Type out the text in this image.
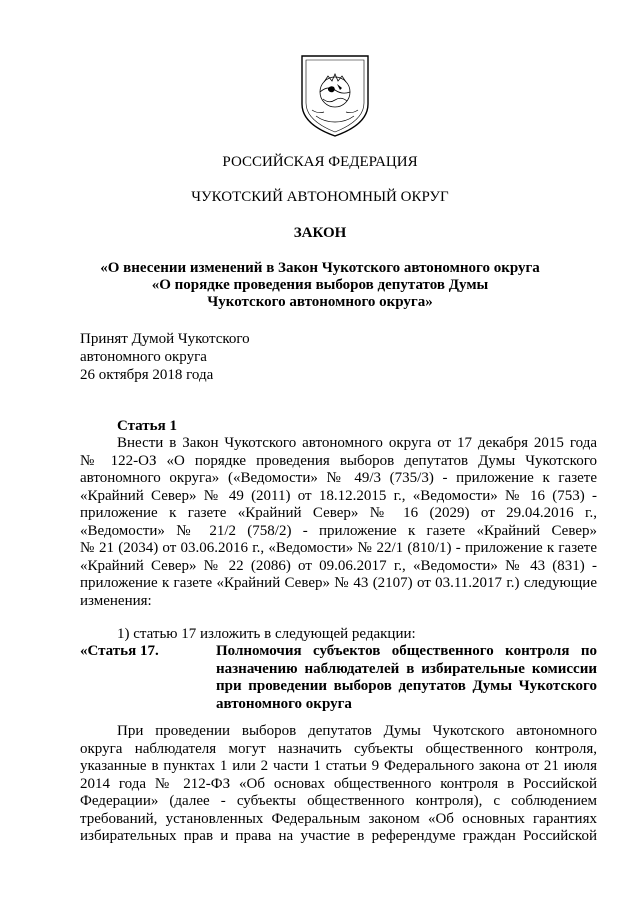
РОССИЙСКАЯ ФЕДЕРАЦИЯ
ЧУКОТСКИЙ АВТОНОМНЫЙ ОКРУГ
ЗАКОН
«О внесении изменений в Закон Чукотского автономного округа
«О порядке проведения выборов депутатов Думы
Чукотского автономного округа»
Принят Думой Чукотского
автономного округа
26 октября 2018 года
Статья 1
Внести в Закон Чукотского автономного округа от 17 декабря 2015 года
№ 122-ОЗ «О порядке проведения выборов депутатов Думы Чукотского
автономного округа» («Ведомости» № 49/3 (735/3) - приложение к газете
«Крайний Север» № 49 (2011) от 18.12.2015 г., «Ведомости» № 16 (753) -
приложение к газете «Крайний Север» № 16 (2029) от 29.04.2016 г.,
«Ведомости» № 21/2 (758/2) - приложение к газете «Крайний Север»
№ 21 (2034) от 03.06.2016 г., «Ведомости» № 22/1 (810/1) - приложение к газете
«Крайний Север» № 22 (2086) от 09.06.2017 г., «Ведомости» № 43 (831) -
приложение к газете «Крайний Север» № 43 (2107) от 03.11.2017 г.) следующие
изменения:
1) статью 17 изложить в следующей редакции:
«Статья 17.	Полномочия субъектов общественного контроля по
назначению наблюдателей в избирательные комиссии
при проведении выборов депутатов Думы Чукотского
автономного округа
При проведении выборов депутатов Думы Чукотского автономного
округа наблюдателя могут назначить субъекты общественного контроля,
указанные в пунктах 1 или 2 части 1 статьи 9 Федерального закона от 21 июля
2014 года № 212-ФЗ «Об основах общественного контроля в Российской
Федерации» (далее - субъекты общественного контроля), с соблюдением
требований, установленных Федеральным законом «Об основных гарантиях
избирательных прав и права на участие в референдуме граждан Российской
